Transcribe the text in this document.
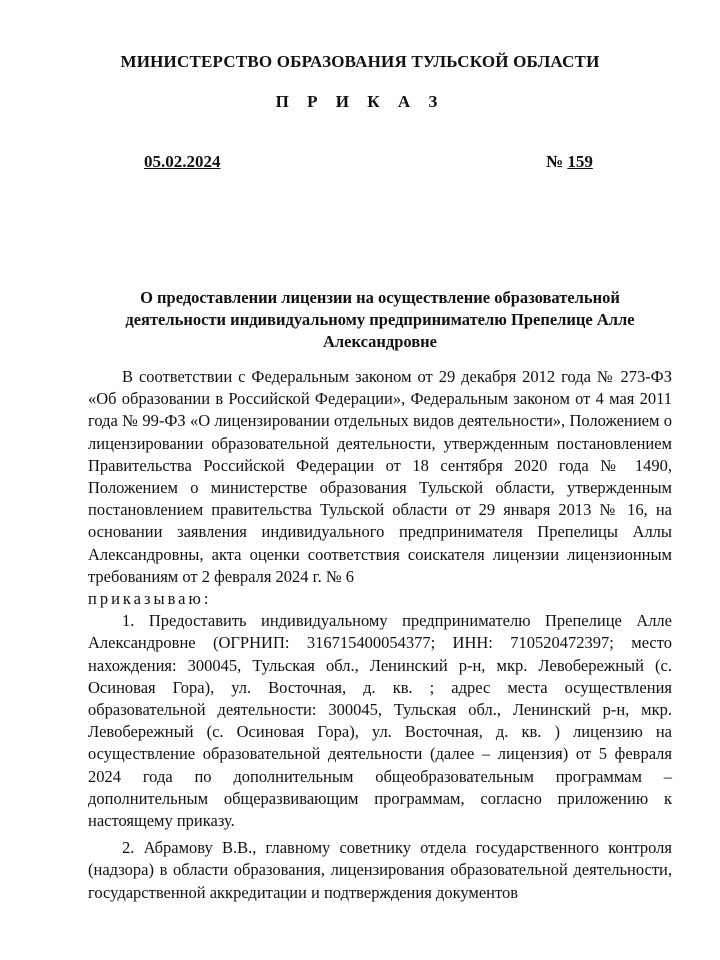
МИНИСТЕРСТВО ОБРАЗОВАНИЯ ТУЛЬСКОЙ ОБЛАСТИ
П Р И К А З
05.02.2024	№ 159
О предоставлении лицензии на осуществление образовательной
деятельности индивидуальному предпринимателю Препелице Алле
Александровне

В соответствии с Федеральным законом от 29 декабря 2012 года № 273-ФЗ «Об образовании в Российской Федерации», Федеральным законом от 4 мая 2011 года № 99-ФЗ «О лицензировании отдельных видов деятельности», Положением о лицензировании образовательной деятельности, утвержденным постановлением Правительства Российской Федерации от 18 сентября 2020 года № 1490, Положением о министерстве образования Тульской области, утвержденным постановлением правительства Тульской области от 29 января 2013 № 16, на основании заявления индивидуального предпринимателя Препелицы Аллы Александровны, акта оценки соответствия соискателя лицензии лицензионным требованиям от 2 февраля 2024 г. № 6
приказываю:

1. Предоставить индивидуальному предпринимателю Препелице Алле Александровне (ОГРНИП: 316715400054377; ИНН: 710520472397; место нахождения: 300045, Тульская обл., Ленинский р-н, мкр. Левобережный (с. Осиновая Гора), ул. Восточная, д. кв. ; адрес места осуществления образовательной деятельности: 300045, Тульская обл., Ленинский р-н, мкр. Левобережный (с. Осиновая Гора), ул. Восточная, д. кв. ) лицензию на осуществление образовательной деятельности (далее – лицензия) от 5 февраля 2024 года по дополнительным общеобразовательным программам – дополнительным общеразвивающим программам, согласно приложению к настоящему приказу.

2. Абрамову В.В., главному советнику отдела государственного контроля (надзора) в области образования, лицензирования образовательной деятельности, государственной аккредитации и подтверждения документов
